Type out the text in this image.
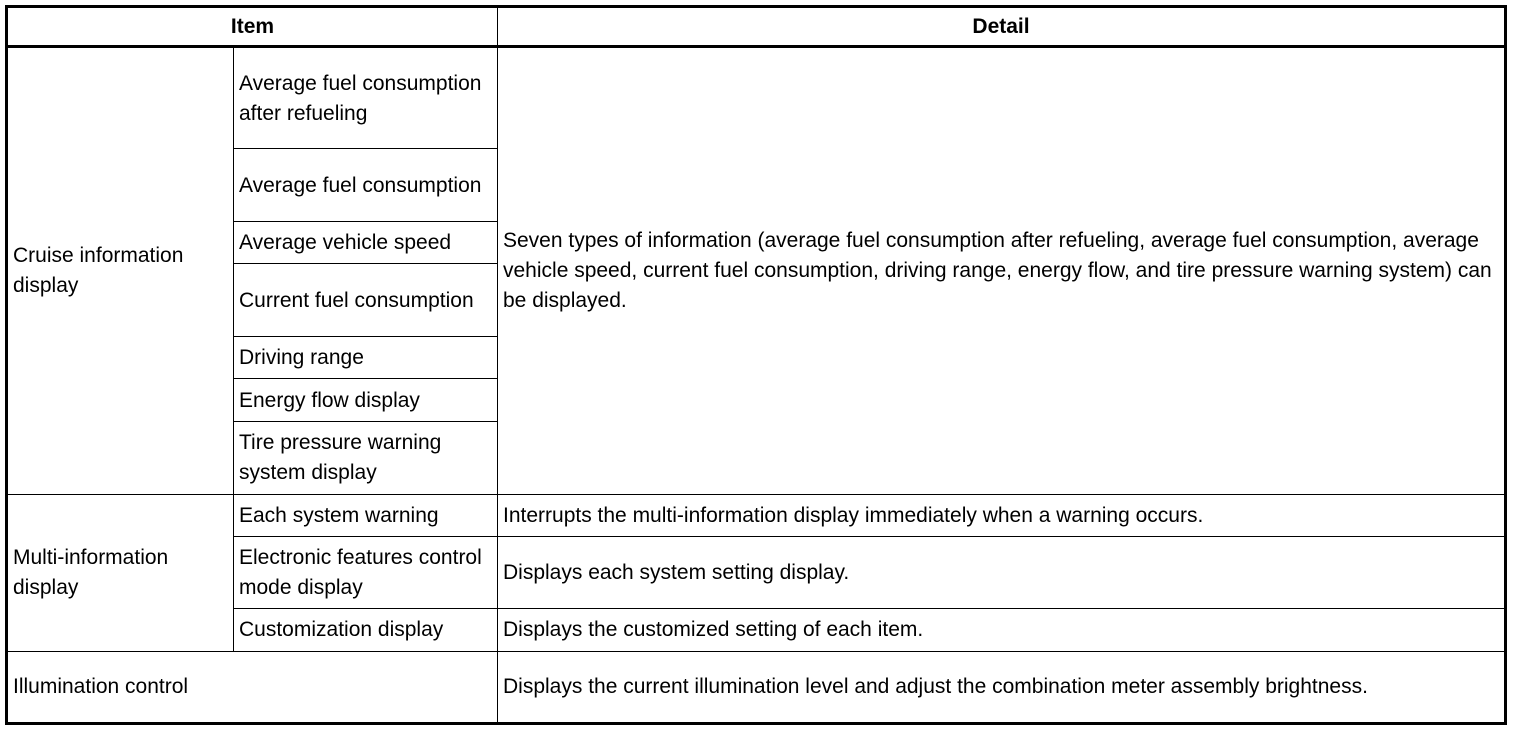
Item		Detail
Cruise information display	Average fuel consumption after refueling	Seven types of information (average fuel consumption after refueling, average fuel consumption, average vehicle speed, current fuel consumption, driving range, energy flow, and tire pressure warning system) can be displayed.
	Average fuel consumption	
	Average vehicle speed	
	Current fuel consumption	
	Driving range	
	Energy flow display	
	Tire pressure warning system display	
Multi-information display	Each system warning	Interrupts the multi-information display immediately when a warning occurs.
	Electronic features control mode display	Displays each system setting display.
	Customization display	Displays the customized setting of each item.
Illumination control		Displays the current illumination level and adjust the combination meter assembly brightness.
